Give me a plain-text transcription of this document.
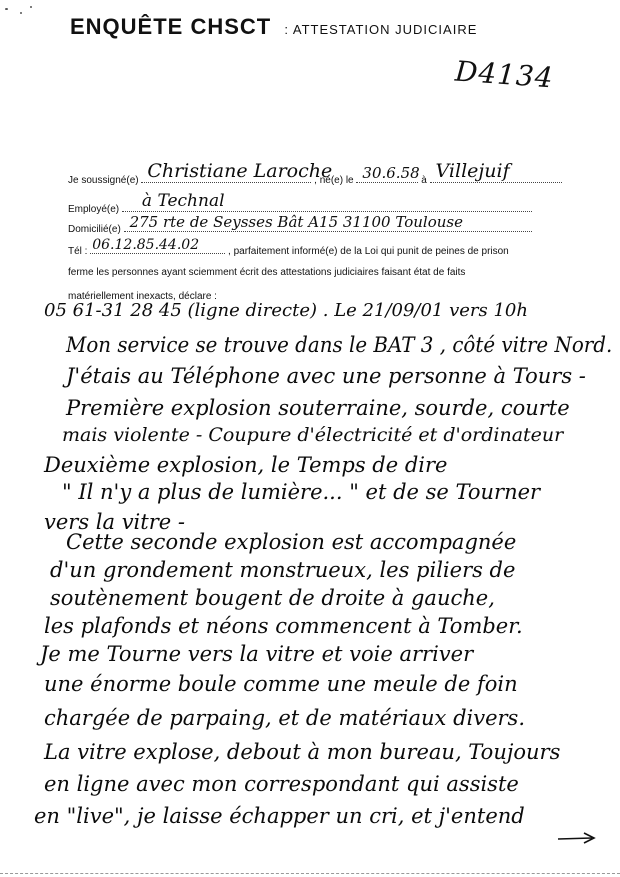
ENQUÊTE CHSCT : ATTESTATION JUDICIAIRE
D4134
Je soussigné(e) Christiane Laroche
, né(e) le 30.6.58 à Villejuif
Employé(e) à Technal
Domicilié(e) 275 rte de Seysses Bât A15 31100 Toulouse
Tél : 06.12.85.44.02	, parfaitement informé(e) de la Loi qui punit de peines de prison
ferme les personnes ayant sciemment écrit des attestations judiciaires faisant état de faits
matériellement inexacts, déclare :
05 61-31 28 45 (ligne directe) . Le 21/09/01 vers 10h
Mon service se trouve dans le BAT 3 , côté vitre Nord.
J'étais au Téléphone avec une personne à Tours -
Première explosion souterraine, sourde, courte
mais violente - Coupure d'électricité et d'ordinateur
Deuxième explosion, le Temps de dire
" Il n'y a plus de lumière... " et de se Tourner
vers la vitre -
Cette seconde explosion est accompagnée
d'un grondement monstrueux, les piliers de
soutènement bougent de droite à gauche,
les plafonds et néons commencent à Tomber.
Je me Tourne vers la vitre et voie arriver
une énorme boule comme une meule de foin
chargée de parpaing, et de matériaux divers.
La vitre explose, debout à mon bureau, Toujours
en ligne avec mon correspondant qui assiste
en "live", je laisse échapper un cri, et j'entend
